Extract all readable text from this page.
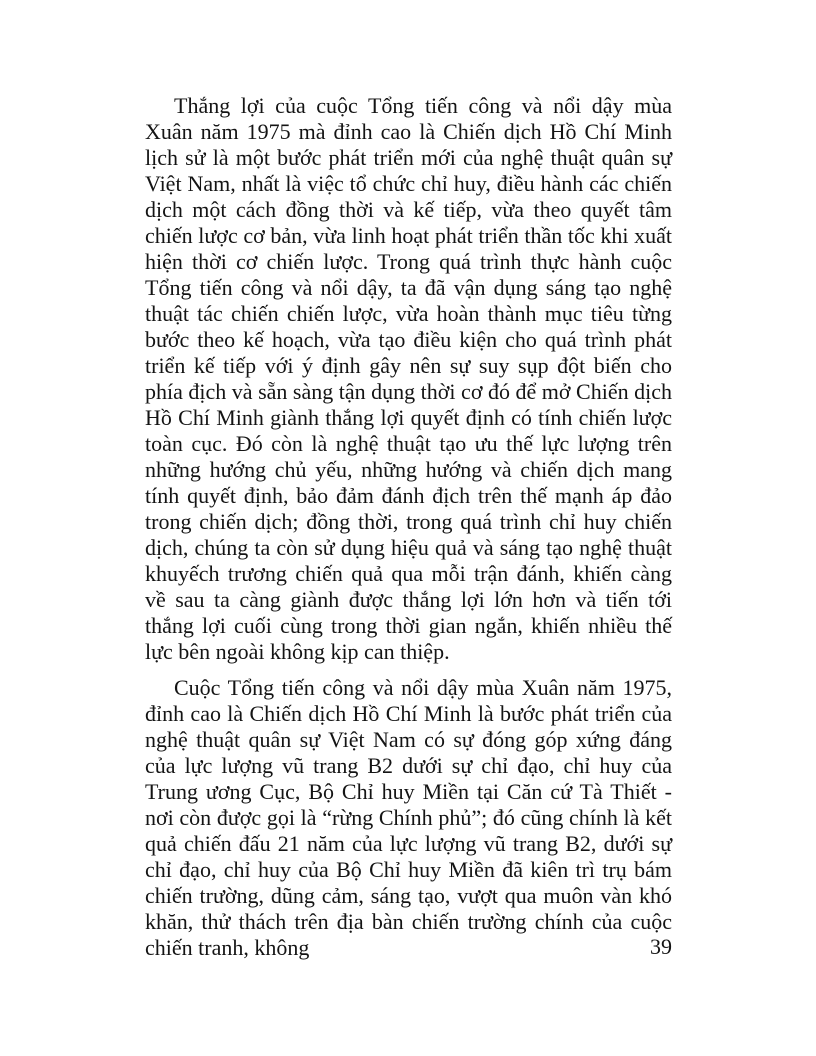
Thắng lợi của cuộc Tổng tiến công và nổi dậy mùa Xuân năm 1975 mà đỉnh cao là Chiến dịch Hồ Chí Minh lịch sử là một bước phát triển mới của nghệ thuật quân sự Việt Nam, nhất là việc tổ chức chỉ huy, điều hành các chiến dịch một cách đồng thời và kế tiếp, vừa theo quyết tâm chiến lược cơ bản, vừa linh hoạt phát triển thần tốc khi xuất hiện thời cơ chiến lược. Trong quá trình thực hành cuộc Tổng tiến công và nổi dậy, ta đã vận dụng sáng tạo nghệ thuật tác chiến chiến lược, vừa hoàn thành mục tiêu từng bước theo kế hoạch, vừa tạo điều kiện cho quá trình phát triển kế tiếp với ý định gây nên sự suy sụp đột biến cho phía địch và sẵn sàng tận dụng thời cơ đó để mở Chiến dịch Hồ Chí Minh giành thắng lợi quyết định có tính chiến lược toàn cục. Đó còn là nghệ thuật tạo ưu thế lực lượng trên những hướng chủ yếu, những hướng và chiến dịch mang tính quyết định, bảo đảm đánh địch trên thế mạnh áp đảo trong chiến dịch; đồng thời, trong quá trình chỉ huy chiến dịch, chúng ta còn sử dụng hiệu quả và sáng tạo nghệ thuật khuyếch trương chiến quả qua mỗi trận đánh, khiến càng về sau ta càng giành được thắng lợi lớn hơn và tiến tới thắng lợi cuối cùng trong thời gian ngắn, khiến nhiều thế lực bên ngoài không kịp can thiệp.

Cuộc Tổng tiến công và nổi dậy mùa Xuân năm 1975, đỉnh cao là Chiến dịch Hồ Chí Minh là bước phát triển của nghệ thuật quân sự Việt Nam có sự đóng góp xứng đáng của lực lượng vũ trang B2 dưới sự chỉ đạo, chỉ huy của Trung ương Cục, Bộ Chỉ huy Miền tại Căn cứ Tà Thiết - nơi còn được gọi là “rừng Chính phủ”; đó cũng chính là kết quả chiến đấu 21 năm của lực lượng vũ trang B2, dưới sự chỉ đạo, chỉ huy của Bộ Chỉ huy Miền đã kiên trì trụ bám chiến trường, dũng cảm, sáng tạo, vượt qua muôn vàn khó khăn, thử thách trên địa bàn chiến trường chính của cuộc chiến tranh, không	39
